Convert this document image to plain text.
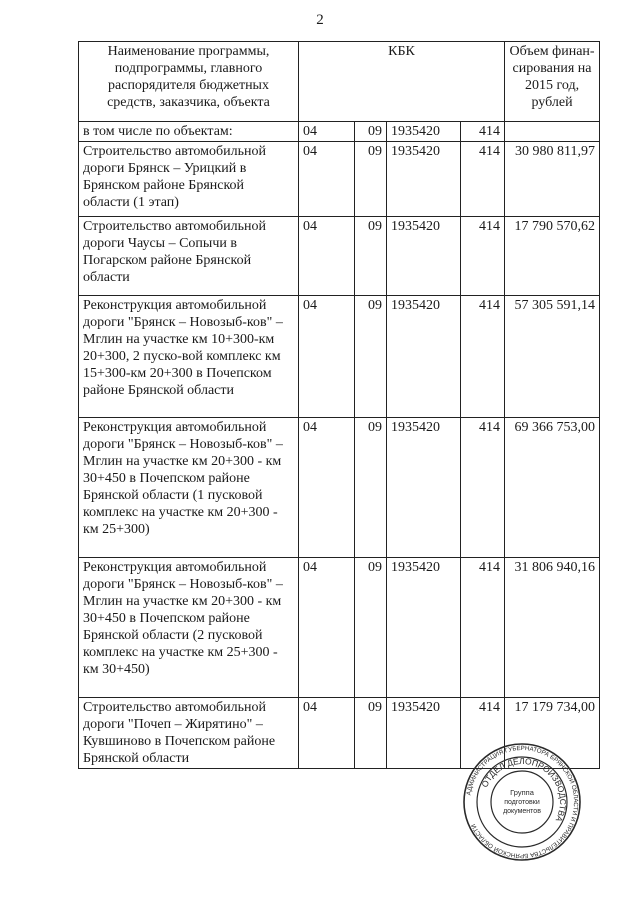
2
Наименование программы, подпрограммы, главного распорядителя бюджетных средств, заказчика, объекта	КБК				Объем финан-сирования на 2015 год, рублей
в том числе по объектам:	04	09	1935420	414	
Строительство автомобильной дороги Брянск – Урицкий в Брянском районе Брянской области (1 этап)	04	09	1935420	414	30 980 811,97
Строительство автомобильной дороги Чаусы – Сопычи в Погарском районе Брянской области	04	09	1935420	414	17 790 570,62
Реконструкция автомобильной дороги "Брянск – Новозыб-ков" – Мглин на участке км 10+300-км 20+300, 2 пуско-вой комплекс км 15+300-км 20+300 в Почепском районе Брянской области	04	09	1935420	414	57 305 591,14
Реконструкция автомобильной дороги "Брянск – Новозыб-ков" – Мглин на участке км 20+300 - км 30+450 в Почепском районе Брянской области (1 пусковой комплекс на участке км 20+300 - км 25+300)	04	09	1935420	414	69 366 753,00
Реконструкция автомобильной дороги "Брянск – Новозыб-ков" – Мглин на участке км 20+300 - км 30+450 в Почепском районе Брянской области (2 пусковой комплекс на участке км 25+300 - км 30+450)	04	09	1935420	414	31 806 940,16
Строительство автомобильной дороги "Почеп – Жирятино" – Кувшиново в Почепском районе Брянской области	04	09	1935420	414	17 179 734,00
АДМИНИСТРАЦИЯ ГУБЕРНАТОРА БРЯНСКОЙ ОБЛАСТИ И ПРАВИТЕЛЬСТВА БРЯНСКОЙ ОБЛАСТИ
ОТДЕЛ ДЕЛОПРОИЗВОДСТВА
Группа
подготовки
документов
